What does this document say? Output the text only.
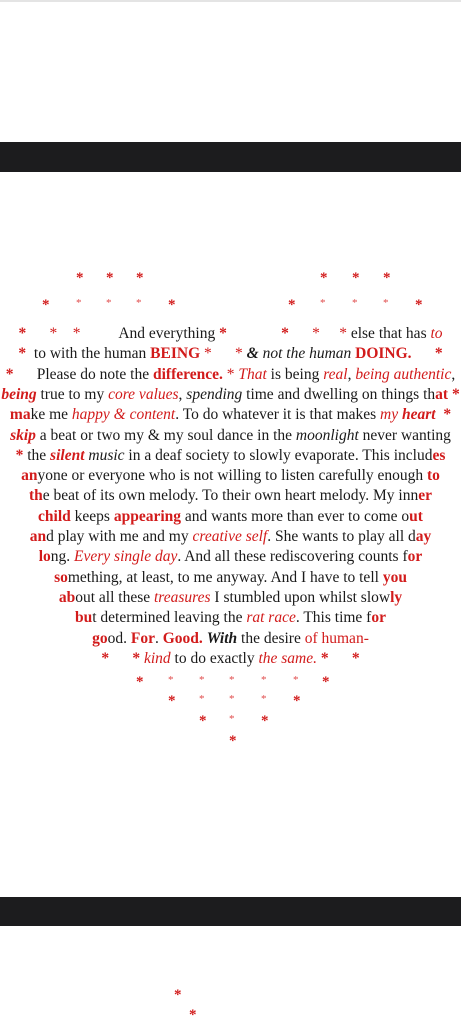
* * *	* * *
* * * * *	* * * * *
* * * * * * *
* * * * *
* * *
*
*
*
* * * And everything *	* * * else that has to
*  to with the human BEING * * & not the human DOING. *
*      Please do note the difference. * That is being real, being authentic,
being true to my core values, spending time and dwelling on things that *
make me happy & content. To do whatever it is that makes my heart *
skip a beat or two my & my soul dance in the moonlight never wanting
* the silent music in a deaf society to slowly evaporate. This includes
anyone or everyone who is not willing to listen carefully enough to
the beat of its own melody. To their own heart melody. My inner
child keeps appearing and wants more than ever to come out
and play with me and my creative self. She wants to play all day
long. Every single day. And all these rediscovering counts for
something, at least, to me anyway. And I have to tell you
about all these treasures I stumbled upon whilst slowly
but determined leaving the rat race. This time for
good. For. Good. With the desire of human-
* * kind to do exactly the same. * *
